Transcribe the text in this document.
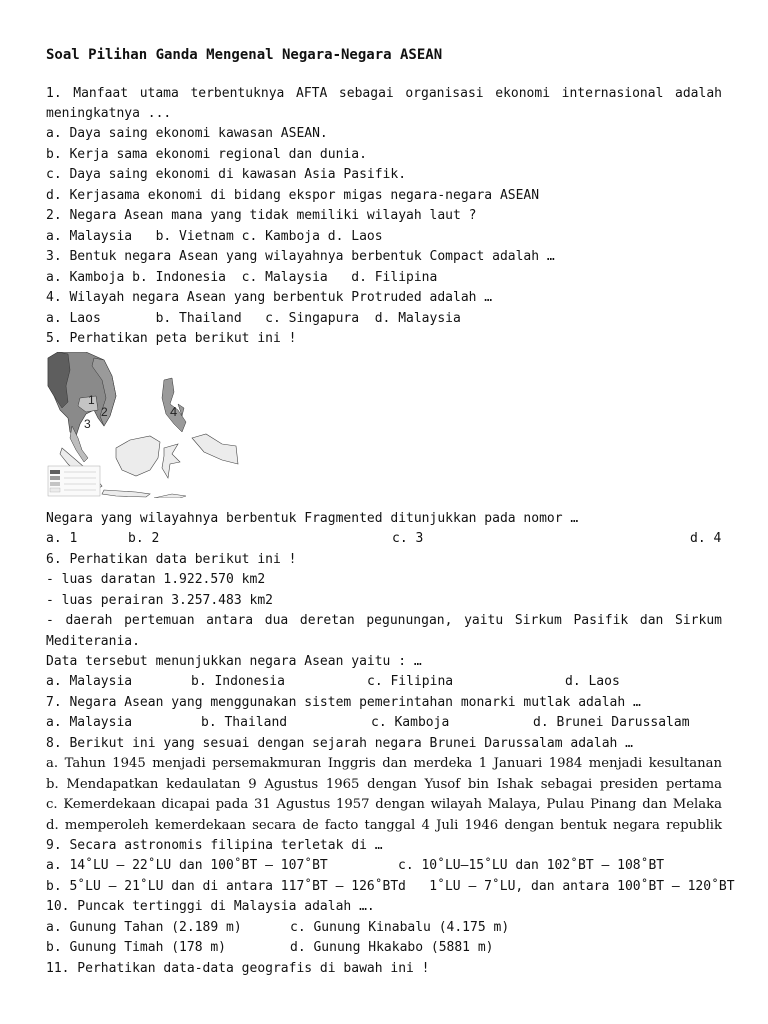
Soal Pilihan Ganda Mengenal Negara-Negara ASEAN
1. Manfaat utama terbentuknya AFTA sebagai organisasi ekonomi internasional adalah
meningkatnya ...
a. Daya saing ekonomi kawasan ASEAN.
b. Kerja sama ekonomi regional dan dunia.
c. Daya saing ekonomi di kawasan Asia Pasifik.
d. Kerjasama ekonomi di bidang ekspor migas negara-negara ASEAN
2. Negara Asean mana yang tidak memiliki wilayah laut ?
a. Malaysia   b. Vietnam c. Kamboja d. Laos
3. Bentuk negara Asean yang wilayahnya berbentuk Compact adalah …
a. Kamboja b. Indonesia  c. Malaysia   d. Filipina
4. Wilayah negara Asean yang berbentuk Protruded adalah …
a. Laos       b. Thailand   c. Singapura  d. Malaysia
5. Perhatikan peta berikut ini !
1
2
3
4
Negara yang wilayahnya berbentuk Fragmented ditunjukkan pada nomor …
a. 1	b. 2	c. 3	d. 4
6. Perhatikan data berikut ini !
- luas daratan 1.922.570 km2
- luas perairan 3.257.483 km2
- daerah pertemuan antara dua deretan pegunungan, yaitu Sirkum Pasifik dan Sirkum
Mediterania.
Data tersebut menunjukkan negara Asean yaitu : …
a. Malaysia	b. Indonesia	c. Filipina	d. Laos
7. Negara Asean yang menggunakan sistem pemerintahan monarki mutlak adalah …
a. Malaysia	b. Thailand	c. Kamboja	d. Brunei Darussalam
8. Berikut ini yang sesuai dengan sejarah negara Brunei Darussalam adalah …
a. Tahun 1945 menjadi persemakmuran Inggris dan merdeka 1 Januari 1984 menjadi kesultanan
b. Mendapatkan kedaulatan 9 Agustus 1965 dengan Yusof bin Ishak sebagai presiden pertama
c. Kemerdekaan dicapai pada 31 Agustus 1957 dengan wilayah Malaya, Pulau Pinang dan Melaka
d. memperoleh kemerdekaan secara de facto tanggal 4 Juli 1946 dengan bentuk negara republik
9. Secara astronomis filipina terletak di …
a. 14˚LU – 22˚LU dan 100˚BT – 107˚BT	c. 10˚LU–15˚LU dan 102˚BT – 108˚BT
b. 5˚LU – 21˚LU dan di antara 117˚BT – 126˚BT d   1˚LU – 7˚LU, dan antara 100˚BT – 120˚BT
10. Puncak tertinggi di Malaysia adalah ….
a. Gunung Tahan (2.189 m)	c. Gunung Kinabalu (4.175 m)
b. Gunung Timah (178 m)	d. Gunung Hkakabo (5881 m)
11. Perhatikan data-data geografis di bawah ini !
